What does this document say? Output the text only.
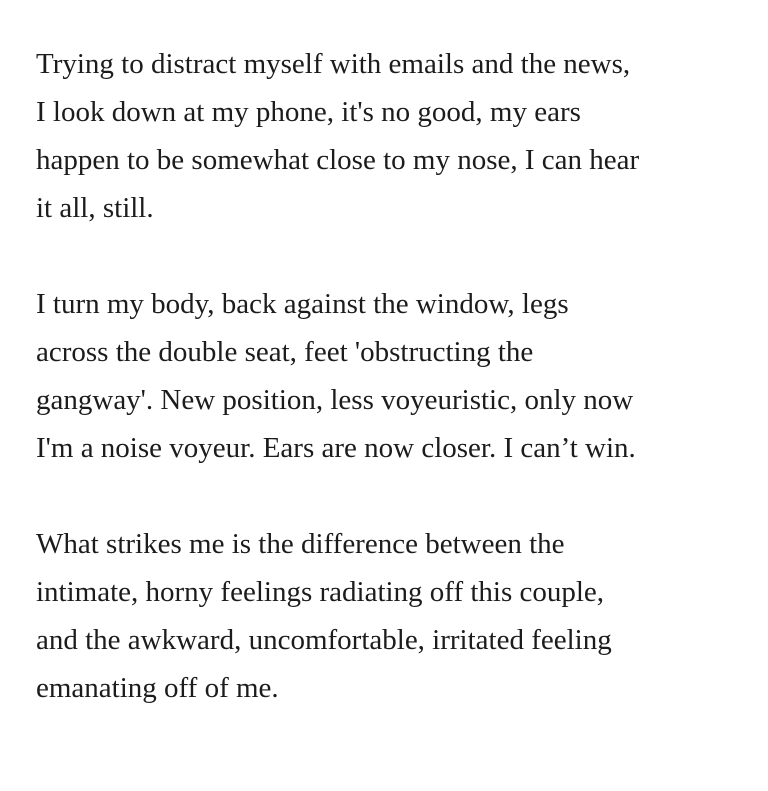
Trying to distract myself with emails and the news,
I look down at my phone, it's no good, my ears
happen to be somewhat close to my nose, I can hear
it all, still.

I turn my body, back against the window, legs
across the double seat, feet 'obstructing the
gangway'. New position, less voyeuristic, only now
I'm a noise voyeur. Ears are now closer. I can’t win.

What strikes me is the difference between the
intimate, horny feelings radiating off this couple,
and the awkward, uncomfortable, irritated feeling
emanating off of me.
